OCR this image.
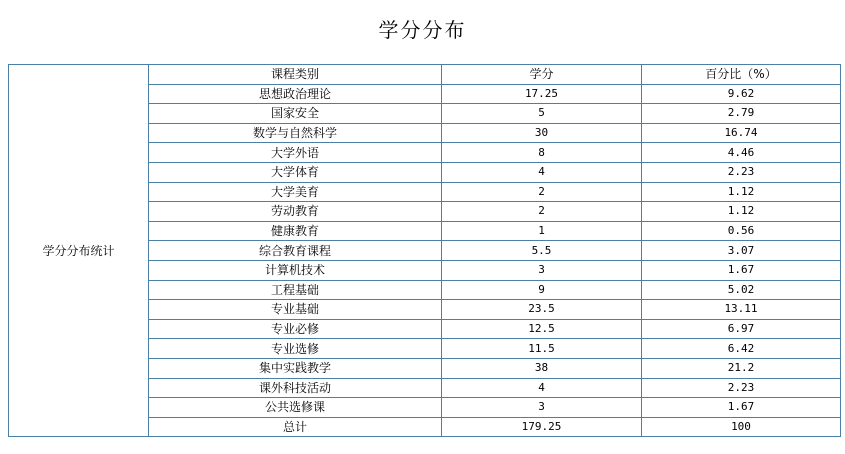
学分分布
学分分布统计	课程类别	学分	百分比（%）
	思想政治理论	17.25	9.62
	国家安全	5	2.79
	数学与自然科学	30	16.74
	大学外语	8	4.46
	大学体育	4	2.23
	大学美育	2	1.12
	劳动教育	2	1.12
	健康教育	1	0.56
	综合教育课程	5.5	3.07
	计算机技术	3	1.67
	工程基础	9	5.02
	专业基础	23.5	13.11
	专业必修	12.5	6.97
	专业选修	11.5	6.42
	集中实践教学	38	21.2
	课外科技活动	4	2.23
	公共选修课	3	1.67
	总计	179.25	100
